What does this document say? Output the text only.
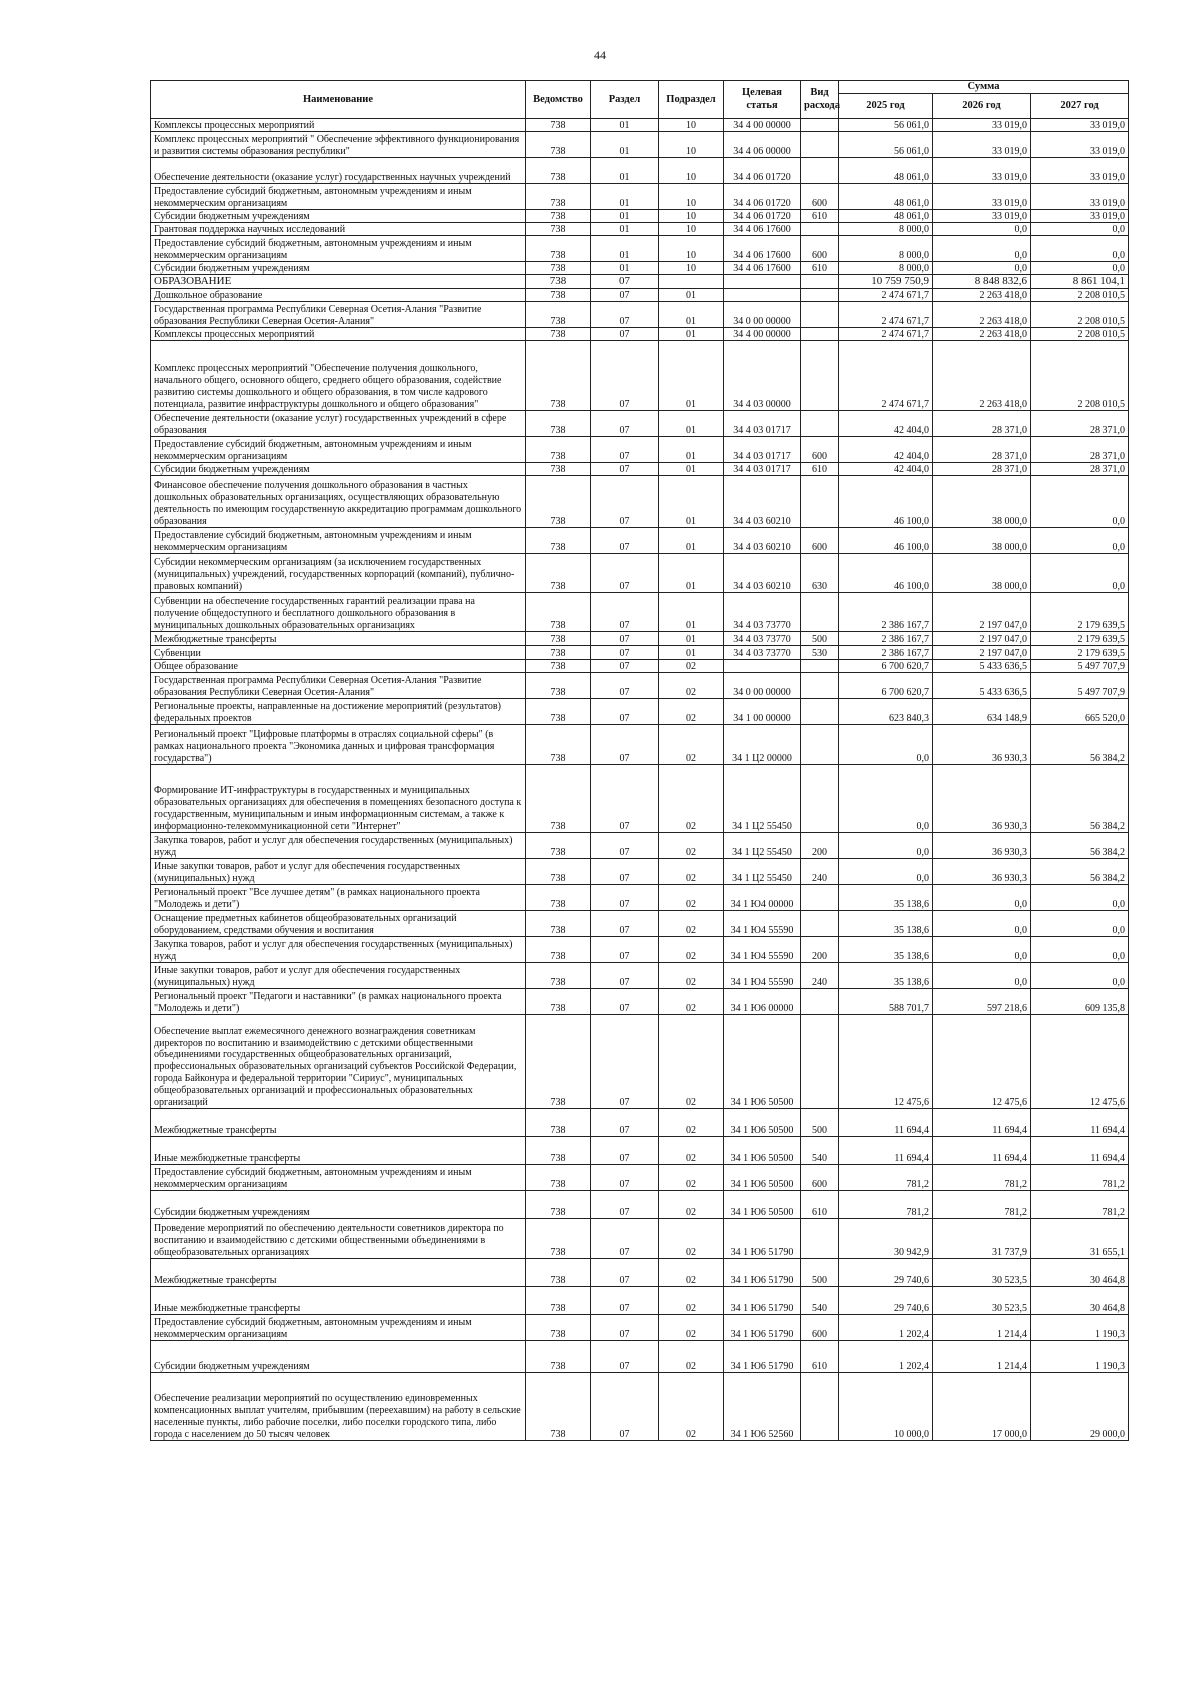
44
Наименование	Ведомство	Раздел	Подраздел	Целевая статья	Вид расхода	Сумма		
						2025 год	2026 год	2027 год
Комплексы процессных мероприятий	738	01	10	34 4 00 00000		56 061,0	33 019,0	33 019,0
Комплекс процессных мероприятий " Обеспечение эффективного функционирования и развития системы образования республики"	738	01	10	34 4 06 00000		56 061,0	33 019,0	33 019,0
Обеспечение деятельности (оказание услуг) государственных научных учреждений	738	01	10	34 4 06 01720		48 061,0	33 019,0	33 019,0
Предоставление субсидий бюджетным, автономным учреждениям и иным некоммерческим организациям	738	01	10	34 4 06 01720	600	48 061,0	33 019,0	33 019,0
Субсидии бюджетным учреждениям	738	01	10	34 4 06 01720	610	48 061,0	33 019,0	33 019,0
Грантовая поддержка научных исследований	738	01	10	34 4 06 17600		8 000,0	0,0	0,0
Предоставление субсидий бюджетным, автономным учреждениям и иным некоммерческим организациям	738	01	10	34 4 06 17600	600	8 000,0	0,0	0,0
Субсидии бюджетным учреждениям	738	01	10	34 4 06 17600	610	8 000,0	0,0	0,0
ОБРАЗОВАНИЕ	738	07				10 759 750,9	8 848 832,6	8 861 104,1
Дошкольное образование	738	07	01			2 474 671,7	2 263 418,0	2 208 010,5
Государственная программа Республики Северная Осетия-Алания "Развитие образования Республики Северная Осетия-Алания"	738	07	01	34 0 00 00000		2 474 671,7	2 263 418,0	2 208 010,5
Комплексы процессных мероприятий	738	07	01	34 4 00 00000		2 474 671,7	2 263 418,0	2 208 010,5
Комплекс процессных мероприятий "Обеспечение получения дошкольного, начального общего, основного общего, среднего общего образования, содействие развитию системы дошкольного и общего образования, в том числе кадрового потенциала, развитие инфраструктуры дошкольного и общего образования"	738	07	01	34 4 03 00000		2 474 671,7	2 263 418,0	2 208 010,5
Обеспечение деятельности (оказание услуг) государственных учреждений в сфере образования	738	07	01	34 4 03 01717		42 404,0	28 371,0	28 371,0
Предоставление субсидий бюджетным, автономным учреждениям и иным некоммерческим организациям	738	07	01	34 4 03 01717	600	42 404,0	28 371,0	28 371,0
Субсидии бюджетным учреждениям	738	07	01	34 4 03 01717	610	42 404,0	28 371,0	28 371,0
Финансовое обеспечение получения дошкольного образования в частных дошкольных образовательных организациях, осуществляющих образовательную деятельность по имеющим государственную аккредитацию программам дошкольного образования	738	07	01	34 4 03 60210		46 100,0	38 000,0	0,0
Предоставление субсидий бюджетным, автономным учреждениям и иным некоммерческим организациям	738	07	01	34 4 03 60210	600	46 100,0	38 000,0	0,0
Субсидии некоммерческим организациям (за исключением государственных (муниципальных) учреждений, государственных корпораций (компаний), публично-правовых компаний)	738	07	01	34 4 03 60210	630	46 100,0	38 000,0	0,0
Субвенции на обеспечение государственных гарантий реализации права на получение общедоступного и бесплатного дошкольного образования в муниципальных дошкольных образовательных организациях	738	07	01	34 4 03 73770		2 386 167,7	2 197 047,0	2 179 639,5
Межбюджетные трансферты	738	07	01	34 4 03 73770	500	2 386 167,7	2 197 047,0	2 179 639,5
Субвенции	738	07	01	34 4 03 73770	530	2 386 167,7	2 197 047,0	2 179 639,5
Общее образование	738	07	02			6 700 620,7	5 433 636,5	5 497 707,9
Государственная программа Республики Северная Осетия-Алания "Развитие образования Республики Северная Осетия-Алания"	738	07	02	34 0 00 00000		6 700 620,7	5 433 636,5	5 497 707,9
Региональные проекты, направленные на достижение мероприятий (результатов) федеральных проектов	738	07	02	34 1 00 00000		623 840,3	634 148,9	665 520,0
Региональный проект "Цифровые платформы в отраслях социальной сферы" (в рамках национального проекта "Экономика данных и цифровая трансформация государства")	738	07	02	34 1 Ц2 00000		0,0	36 930,3	56 384,2
Формирование ИТ-инфраструктуры в государственных и муниципальных образовательных организациях для обеспечения в помещениях безопасного доступа к государственным, муниципальным и иным информационным системам, а также к информационно-телекоммуникационной сети "Интернет"	738	07	02	34 1 Ц2 55450		0,0	36 930,3	56 384,2
Закупка товаров, работ и услуг для обеспечения государственных (муниципальных) нужд	738	07	02	34 1 Ц2 55450	200	0,0	36 930,3	56 384,2
Иные закупки товаров, работ и услуг для обеспечения государственных (муниципальных) нужд	738	07	02	34 1 Ц2 55450	240	0,0	36 930,3	56 384,2
Региональный проект "Все лучшее детям" (в рамках национального проекта "Молодежь и дети")	738	07	02	34 1 Ю4 00000		35 138,6	0,0	0,0
Оснащение предметных кабинетов общеобразовательных организаций оборудованием, средствами обучения и воспитания	738	07	02	34 1 Ю4 55590		35 138,6	0,0	0,0
Закупка товаров, работ и услуг для обеспечения государственных (муниципальных) нужд	738	07	02	34 1 Ю4 55590	200	35 138,6	0,0	0,0
Иные закупки товаров, работ и услуг для обеспечения государственных (муниципальных) нужд	738	07	02	34 1 Ю4 55590	240	35 138,6	0,0	0,0
Региональный проект "Педагоги и наставники" (в рамках национального проекта "Молодежь и дети")	738	07	02	34 1 Ю6 00000		588 701,7	597 218,6	609 135,8
Обеспечение выплат ежемесячного денежного вознаграждения советникам директоров по воспитанию и взаимодействию с детскими общественными объединениями государственных общеобразовательных организаций, профессиональных образовательных организаций субъектов Российской Федерации, города Байконура и федеральной территории "Сириус", муниципальных общеобразовательных организаций и профессиональных образовательных организаций	738	07	02	34 1 Ю6 50500		12 475,6	12 475,6	12 475,6
Межбюджетные трансферты	738	07	02	34 1 Ю6 50500	500	11 694,4	11 694,4	11 694,4
Иные межбюджетные трансферты	738	07	02	34 1 Ю6 50500	540	11 694,4	11 694,4	11 694,4
Предоставление субсидий бюджетным, автономным учреждениям и иным некоммерческим организациям	738	07	02	34 1 Ю6 50500	600	781,2	781,2	781,2
Субсидии бюджетным учреждениям	738	07	02	34 1 Ю6 50500	610	781,2	781,2	781,2
Проведение мероприятий по обеспечению деятельности советников директора по воспитанию и взаимодействию с детскими общественными объединениями в общеобразовательных организациях	738	07	02	34 1 Ю6 51790		30 942,9	31 737,9	31 655,1
Межбюджетные трансферты	738	07	02	34 1 Ю6 51790	500	29 740,6	30 523,5	30 464,8
Иные межбюджетные трансферты	738	07	02	34 1 Ю6 51790	540	29 740,6	30 523,5	30 464,8
Предоставление субсидий бюджетным, автономным учреждениям и иным некоммерческим организациям	738	07	02	34 1 Ю6 51790	600	1 202,4	1 214,4	1 190,3
Субсидии бюджетным учреждениям	738	07	02	34 1 Ю6 51790	610	1 202,4	1 214,4	1 190,3
Обеспечение реализации мероприятий по осуществлению единовременных компенсационных выплат учителям, прибывшим (переехавшим) на работу в сельские населенные пункты, либо рабочие поселки, либо поселки городского типа, либо города с населением до 50 тысяч человек	738	07	02	34 1 Ю6 52560		10 000,0	17 000,0	29 000,0
